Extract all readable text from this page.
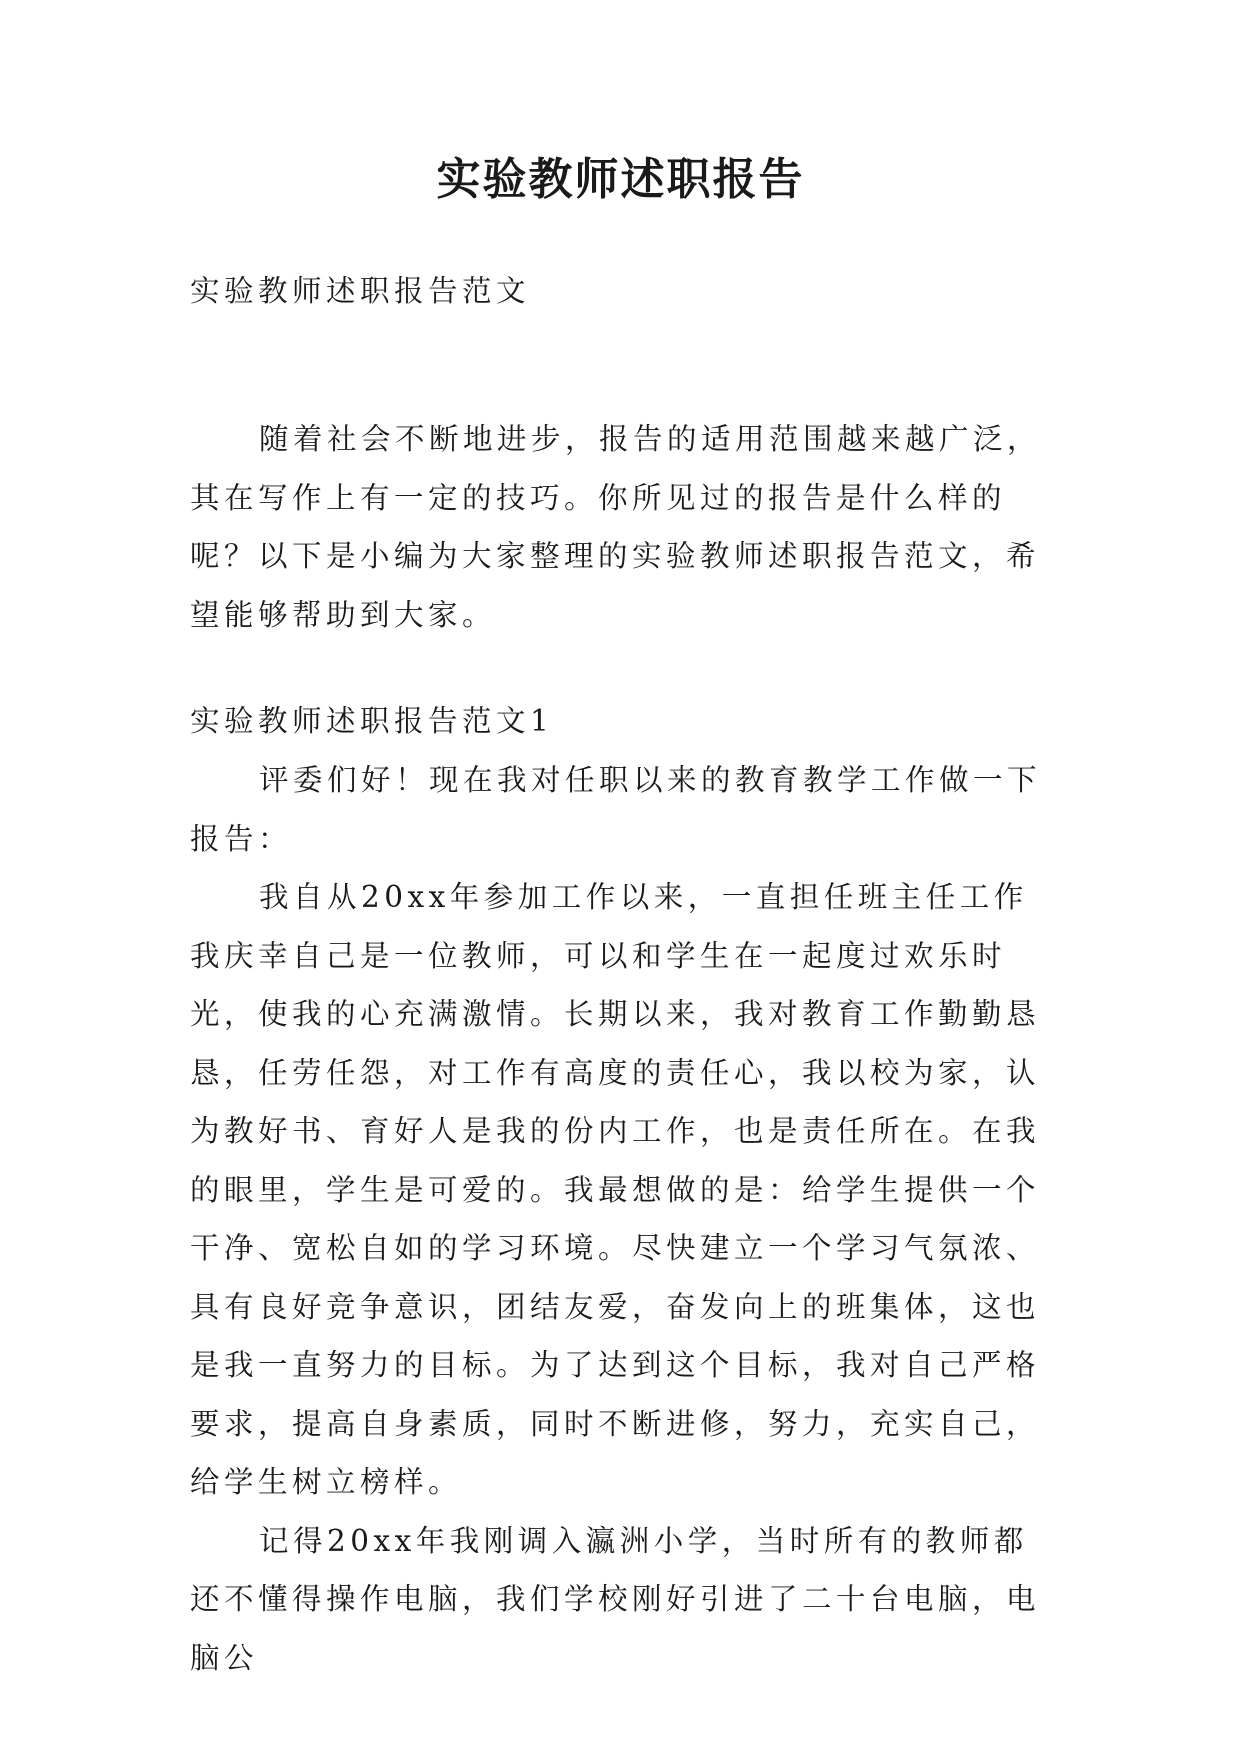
实验教师述职报告

实验教师述职报告范文

随着社会不断地进步，报告的适用范围越来越广泛，其在写作上有一定的技巧。你所见过的报告是什么样的呢？以下是小编为大家整理的实验教师述职报告范文，希望能够帮助到大家。

实验教师述职报告范文1

评委们好！现在我对任职以来的教育教学工作做一下报告：

我自从20xx年参加工作以来，一直担任班主任工作我庆幸自己是一位教师，可以和学生在一起度过欢乐时光，使我的心充满激情。长期以来，我对教育工作勤勤恳恳，任劳任怨，对工作有高度的责任心，我以校为家，认为教好书、育好人是我的份内工作，也是责任所在。在我的眼里，学生是可爱的。我最想做的是：给学生提供一个干净、宽松自如的学习环境。尽快建立一个学习气氛浓、具有良好竞争意识，团结友爱，奋发向上的班集体，这也是我一直努力的目标。为了达到这个目标，我对自己严格要求，提高自身素质，同时不断进修，努力，充实自己，给学生树立榜样。

记得20xx年我刚调入瀛洲小学，当时所有的教师都还不懂得操作电脑，我们学校刚好引进了二十台电脑，电脑公
